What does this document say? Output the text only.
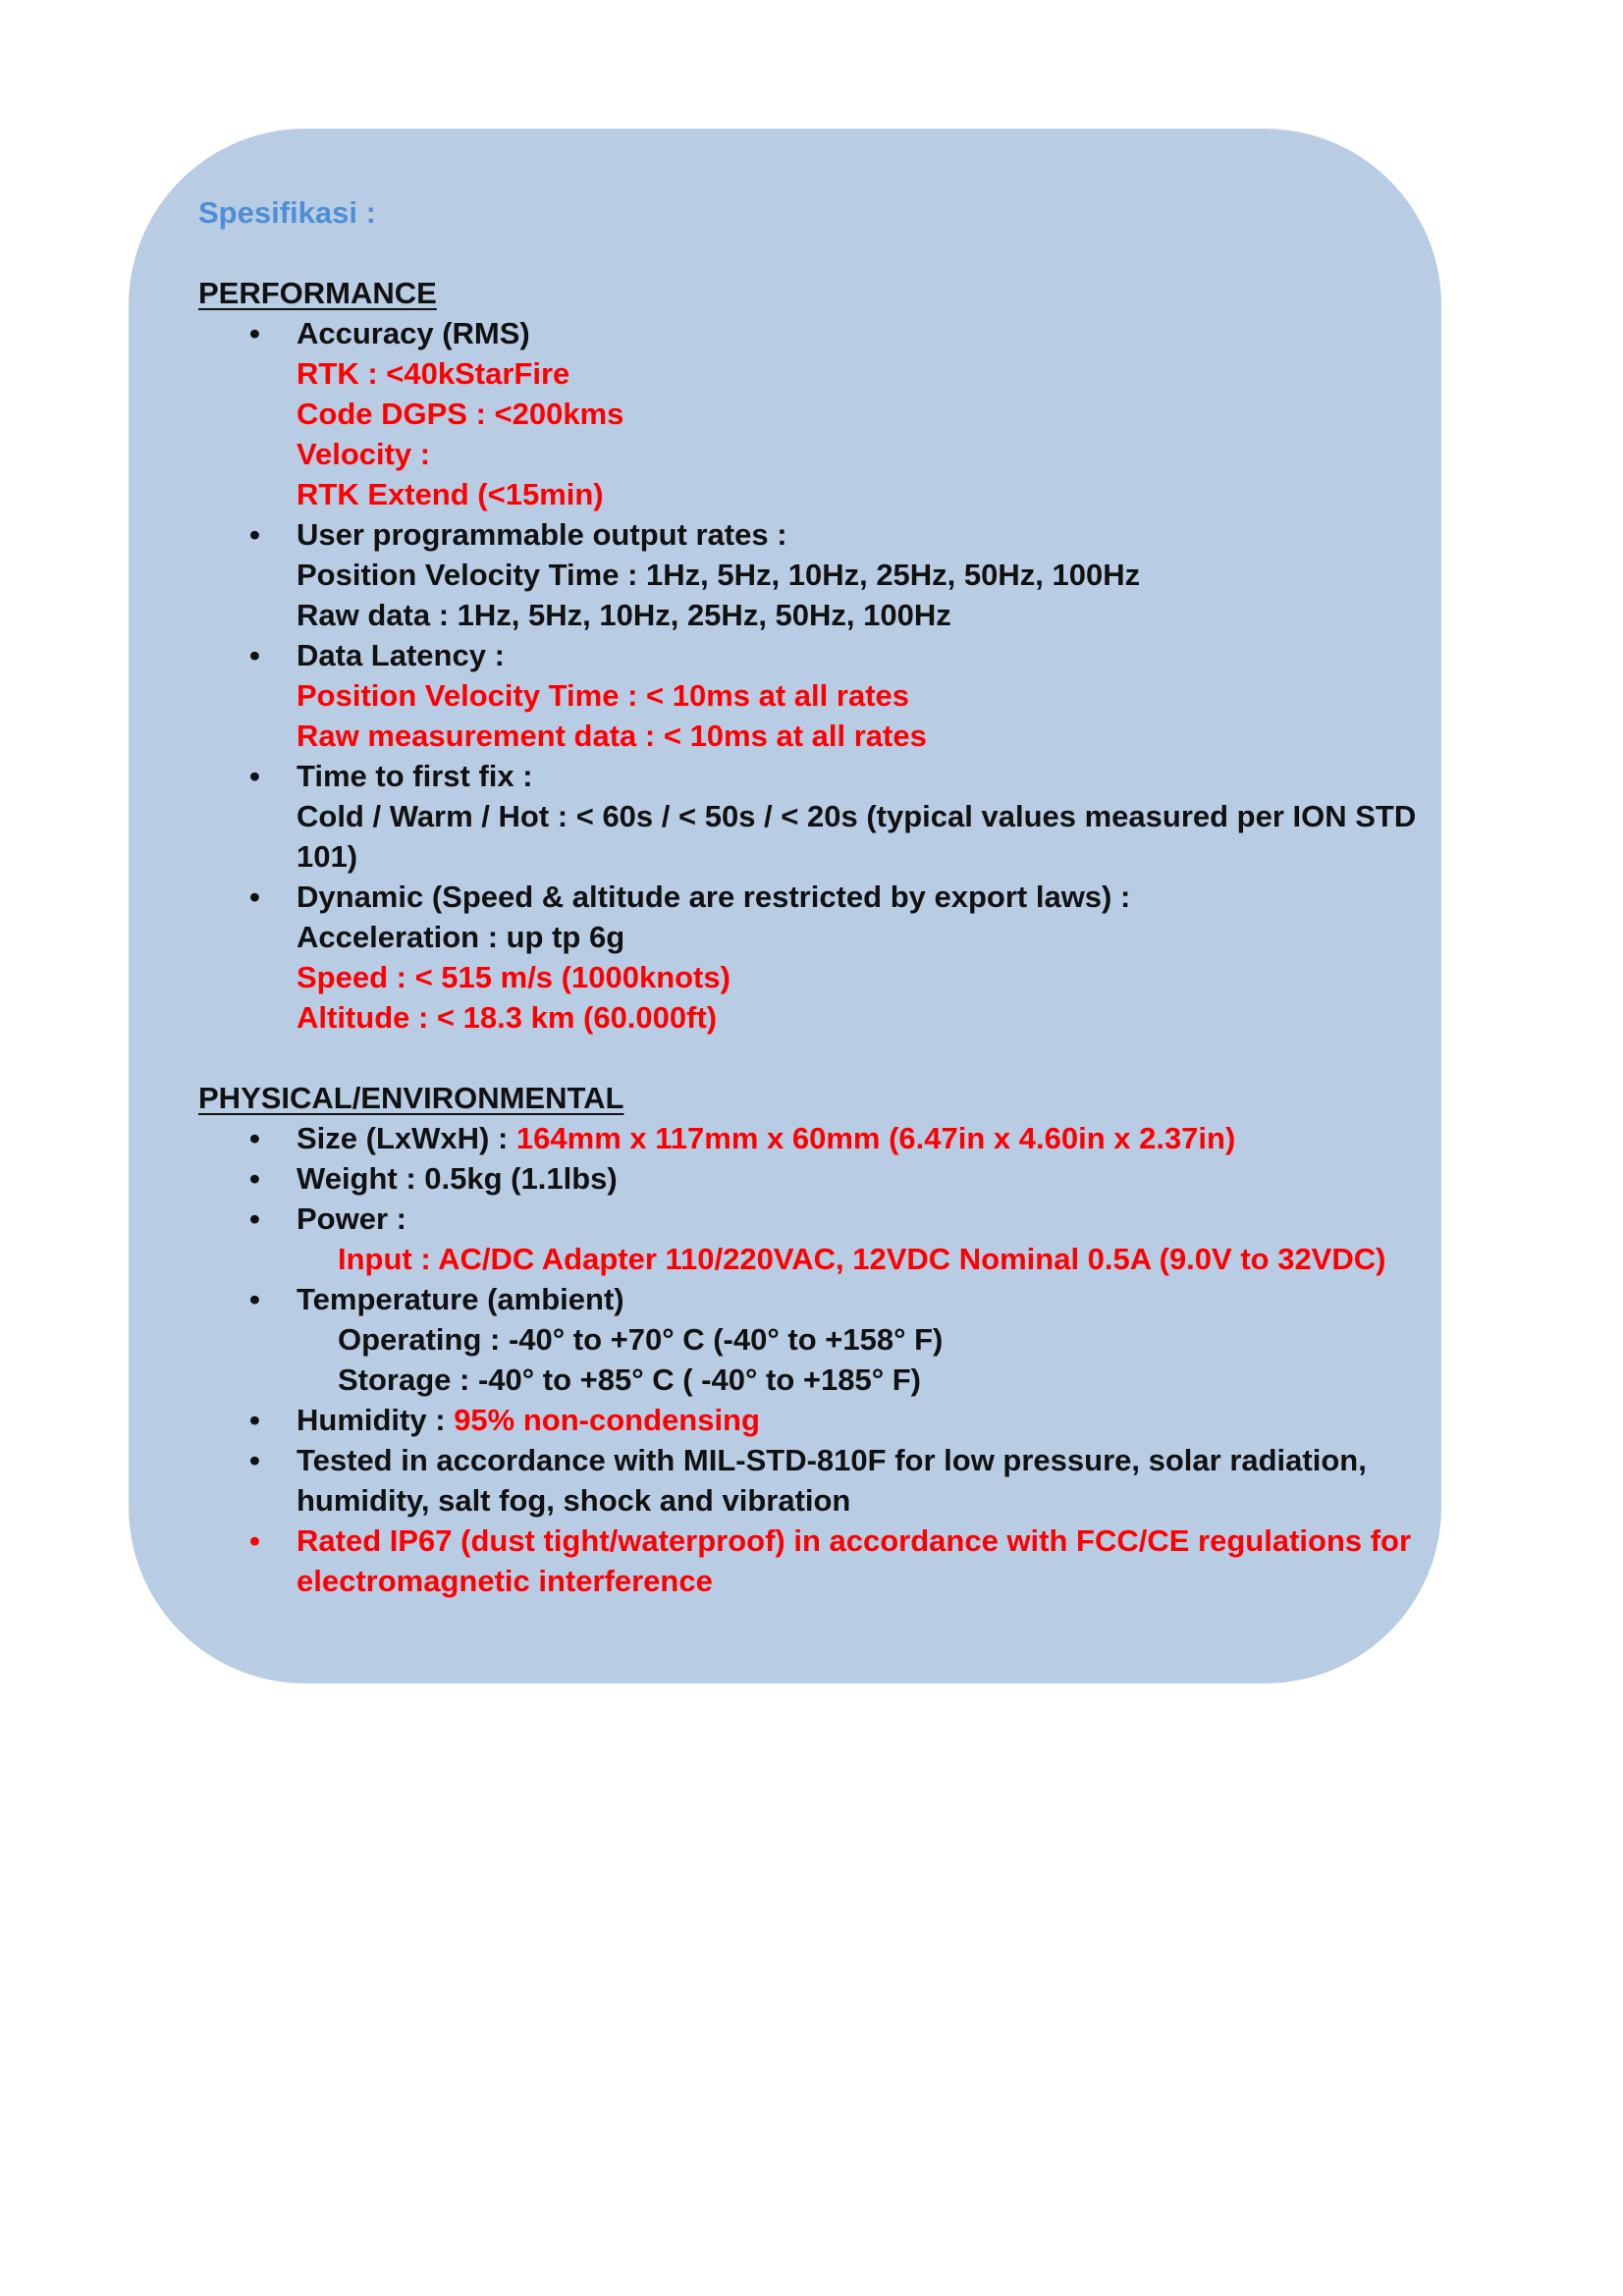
Spesifikasi :
PERFORMANCE
• Accuracy (RMS)
RTK : <40kStarFire
Code DGPS : <200kms
Velocity :
RTK Extend (<15min)
• User programmable output rates :
Position Velocity Time : 1Hz, 5Hz, 10Hz, 25Hz, 50Hz, 100Hz
Raw data : 1Hz, 5Hz, 10Hz, 25Hz, 50Hz, 100Hz
• Data Latency :
Position Velocity Time : < 10ms at all rates
Raw measurement data : < 10ms at all rates
• Time to first fix :
Cold / Warm / Hot : < 60s / < 50s / < 20s (typical values measured per ION STD
101)
• Dynamic (Speed & altitude are restricted by export laws) :
Acceleration : up tp 6g
Speed : < 515 m/s (1000knots)
Altitude : < 18.3 km (60.000ft)
PHYSICAL/ENVIRONMENTAL
• Size (LxWxH) : 164mm x 117mm x 60mm (6.47in x 4.60in x 2.37in)
• Weight : 0.5kg (1.1lbs)
• Power :
Input : AC/DC Adapter 110/220VAC, 12VDC Nominal 0.5A (9.0V to 32VDC)
• Temperature (ambient)
Operating : -40° to +70° C (-40° to +158° F)
Storage : -40° to +85° C ( -40° to +185° F)
• Humidity : 95% non-condensing
• Tested in accordance with MIL-STD-810F for low pressure, solar radiation,
humidity, salt fog, shock and vibration
• Rated IP67 (dust tight/waterproof) in accordance with FCC/CE regulations for
electromagnetic interference
